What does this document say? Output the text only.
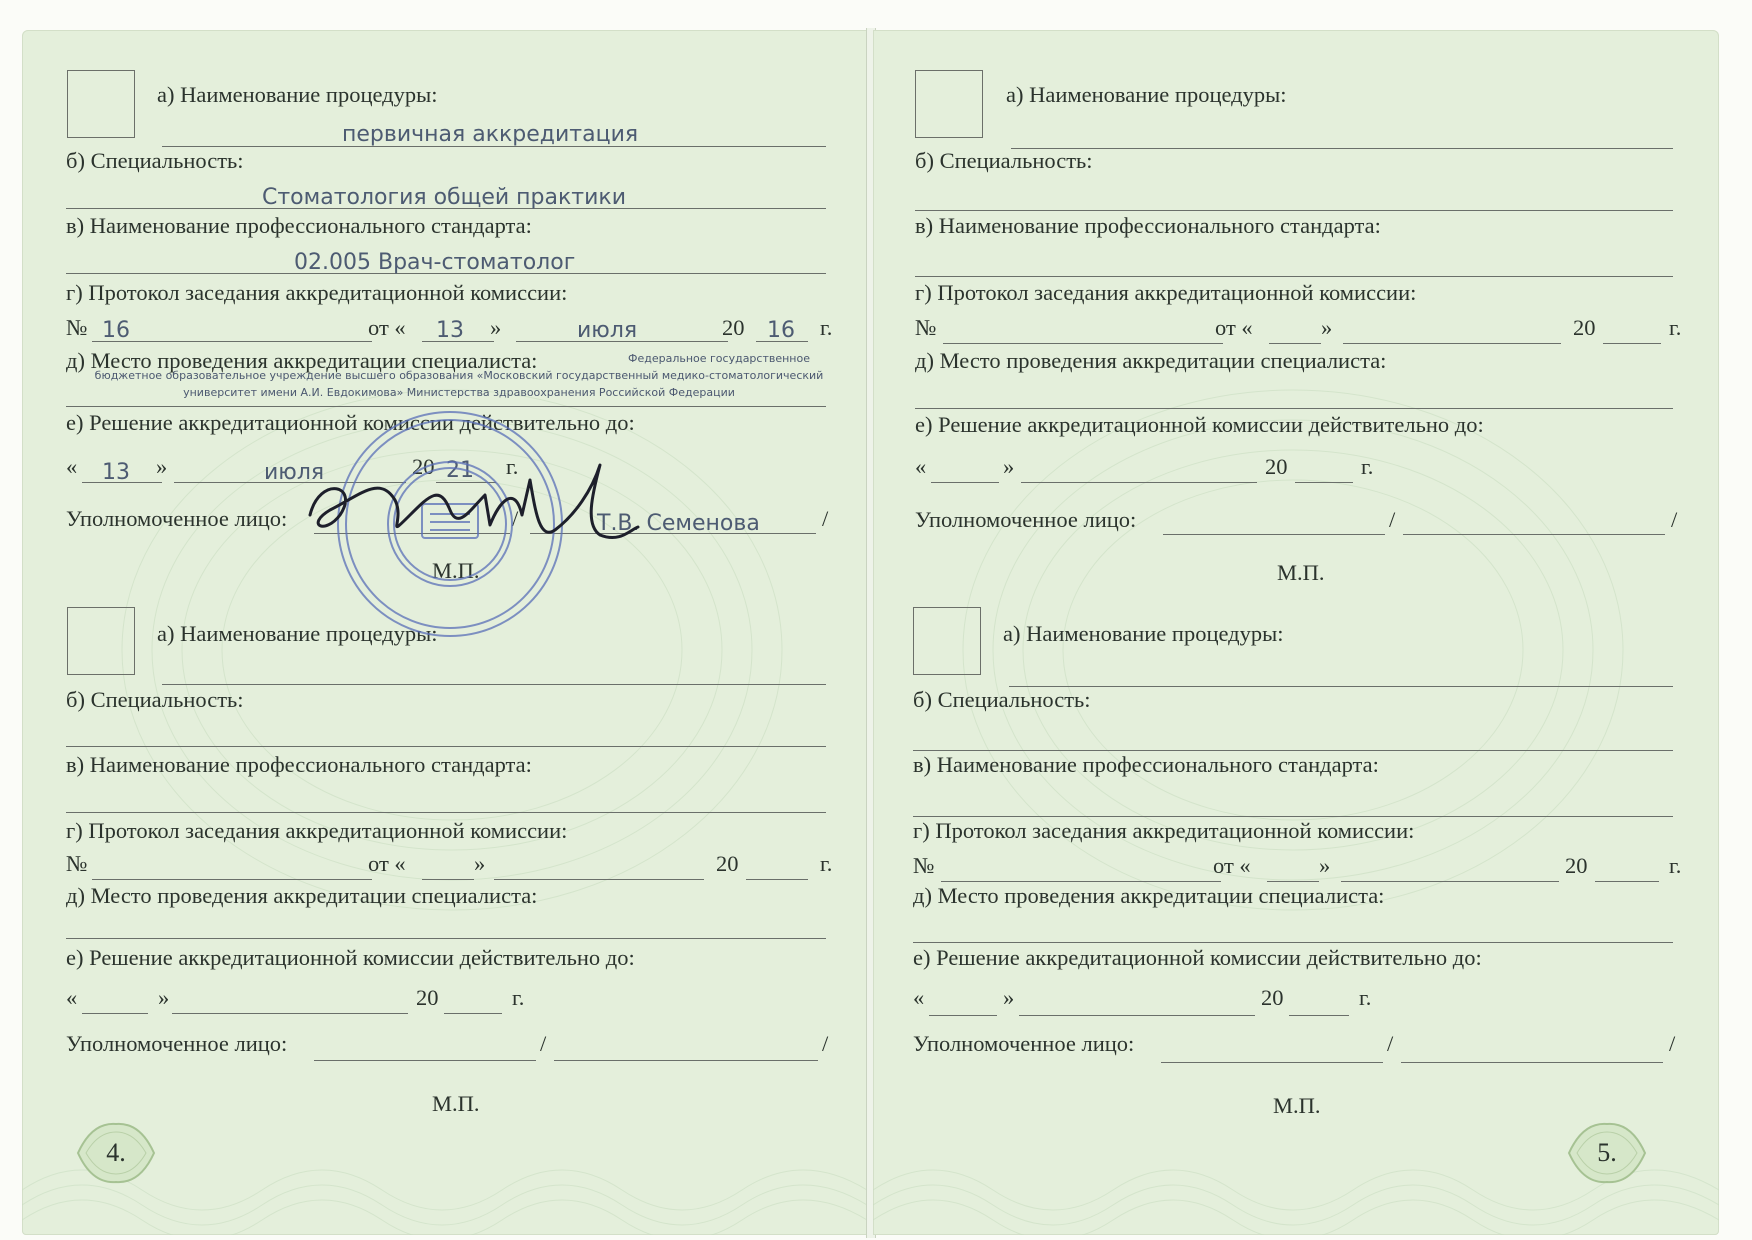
а) Наименование процедуры:
первичная аккредитация
б) Специальность:
Стоматология общей практики
в) Наименование профессионального стандарта:
02.005 Врач-стоматолог
г) Протокол заседания аккредитационной комиссии:
№ 16	от « 13 »	июля	20 16 г.
д) Место проведения аккредитации специалиста:	Федеральное государственное бюджетное образовательное учреждение высшего образования «Московский государственный медико-стоматологический университет имени А.И. Евдокимова» Министерства здравоохранения Российской Федерации
е) Решение аккредитационной комиссии действительно до:
« 13 »	июля	20 21 г.
Уполномоченное лицо:	/	Т.В. Семенова	/
М.П.
а) Наименование процедуры:
б) Специальность:
в) Наименование профессионального стандарта:
г) Протокол заседания аккредитационной комиссии:
№	от «	»	20	г.
д) Место проведения аккредитации специалиста:
е) Решение аккредитационной комиссии действительно до:
«	»	20	г.
Уполномоченное лицо:	/	/
М.П.
4.
а) Наименование процедуры:
б) Специальность:
в) Наименование профессионального стандарта:
г) Протокол заседания аккредитационной комиссии:
№	от «	»	20	г.
д) Место проведения аккредитации специалиста:
е) Решение аккредитационной комиссии действительно до:
«	»	20	г.
Уполномоченное лицо:	/	/
М.П.
а) Наименование процедуры:
б) Специальность:
в) Наименование профессионального стандарта:
г) Протокол заседания аккредитационной комиссии:
№	от «	»	20	г.
д) Место проведения аккредитации специалиста:
е) Решение аккредитационной комиссии действительно до:
«	»	20	г.
Уполномоченное лицо:	/	/
М.П.
5.
